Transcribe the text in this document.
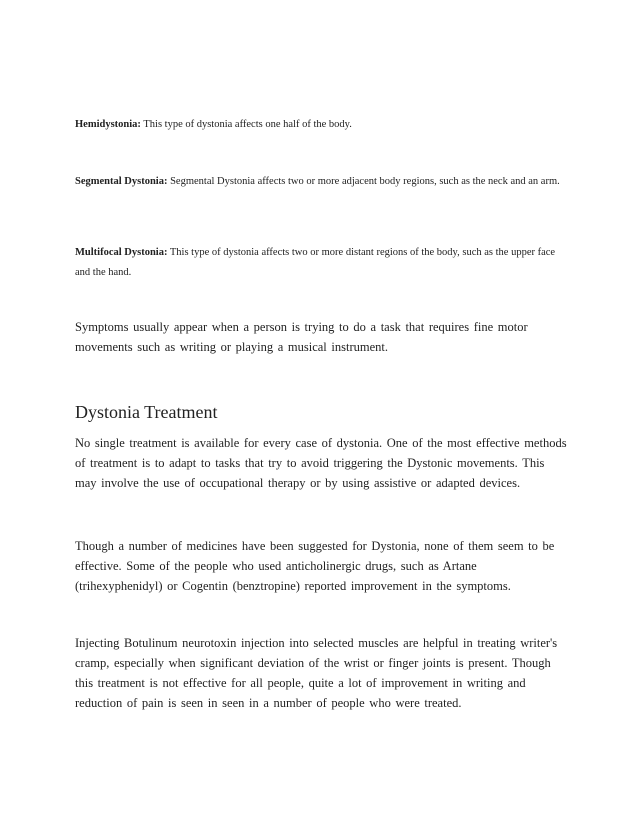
Hemidystonia: This type of dystonia affects one half of the body.

Segmental Dystonia: Segmental Dystonia affects two or more adjacent body regions, such as the neck and an arm.

Multifocal Dystonia: This type of dystonia affects two or more distant regions of the body, such as the upper face and the hand.

Symptoms usually appear when a person is trying to do a task that requires fine motor movements such as writing or playing a musical instrument.

Dystonia Treatment

No single treatment is available for every case of dystonia. One of the most effective methods of treatment is to adapt to tasks that try to avoid triggering the Dystonic movements. This may involve the use of occupational therapy or by using assistive or adapted devices.

Though a number of medicines have been suggested for Dystonia, none of them seem to be effective. Some of the people who used anticholinergic drugs, such as Artane (trihexyphenidyl) or Cogentin (benztropine) reported improvement in the symptoms.

Injecting Botulinum neurotoxin injection into selected muscles are helpful in treating writer's cramp, especially when significant deviation of the wrist or finger joints is present. Though this treatment is not effective for all people, quite a lot of improvement in writing and reduction of pain is seen in seen in a number of people who were treated.
